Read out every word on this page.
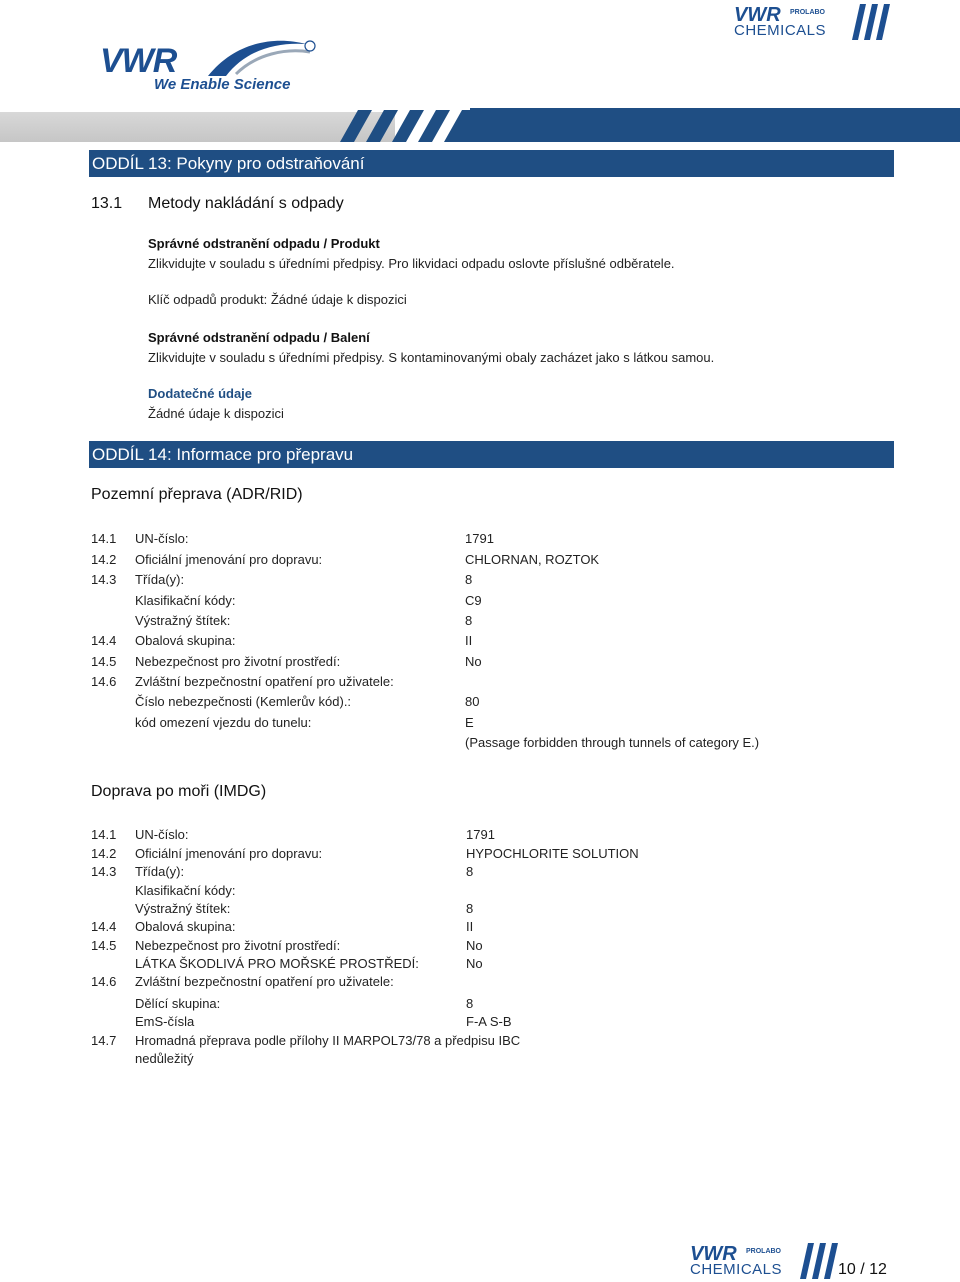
VWR
We Enable Science
VWR PROLABO
CHEMICALS
ODDÍL 13: Pokyny pro odstraňování
13.1 Metody nakládání s odpady
Správné odstranění odpadu / Produkt
Zlikvidujte v souladu s úředními předpisy. Pro likvidaci odpadu oslovte příslušné odběratele.
Klíč odpadů produkt: Žádné údaje k dispozici
Správné odstranění odpadu / Balení
Zlikvidujte v souladu s úředními předpisy. S kontaminovanými obaly zacházet jako s látkou samou.
Dodatečné údaje
Žádné údaje k dispozici
ODDÍL 14: Informace pro přepravu
Pozemní přeprava (ADR/RID)
14.1 UN-číslo:	1791
14.2 Oficiální jmenování pro dopravu:	CHLORNAN, ROZTOK
14.3 Třída(y):	8
Klasifikační kódy:	C9
Výstražný štítek:	8
14.4 Obalová skupina:	II
14.5 Nebezpečnost pro životní prostředí:	No
14.6 Zvláštní bezpečnostní opatření pro uživatele:
Číslo nebezpečnosti (Kemlerův kód).:	80
kód omezení vjezdu do tunelu:	E
(Passage forbidden through tunnels of category E.)
Doprava po moři (IMDG)
14.1 UN-číslo:	1791
14.2 Oficiální jmenování pro dopravu:	HYPOCHLORITE SOLUTION
14.3 Třída(y):	8
Klasifikační kódy:
Výstražný štítek:	8
14.4 Obalová skupina:	II
14.5 Nebezpečnost pro životní prostředí:	No
LÁTKA ŠKODLIVÁ PRO MOŘSKÉ PROSTŘEDÍ:	No
14.6 Zvláštní bezpečnostní opatření pro uživatele:
Dělící skupina:	8
EmS-čísla	F-A S-B
14.7 Hromadná přeprava podle přílohy II MARPOL73/78 a předpisu IBC
nedůležitý
VWR PROLABO
CHEMICALS	10 / 12
